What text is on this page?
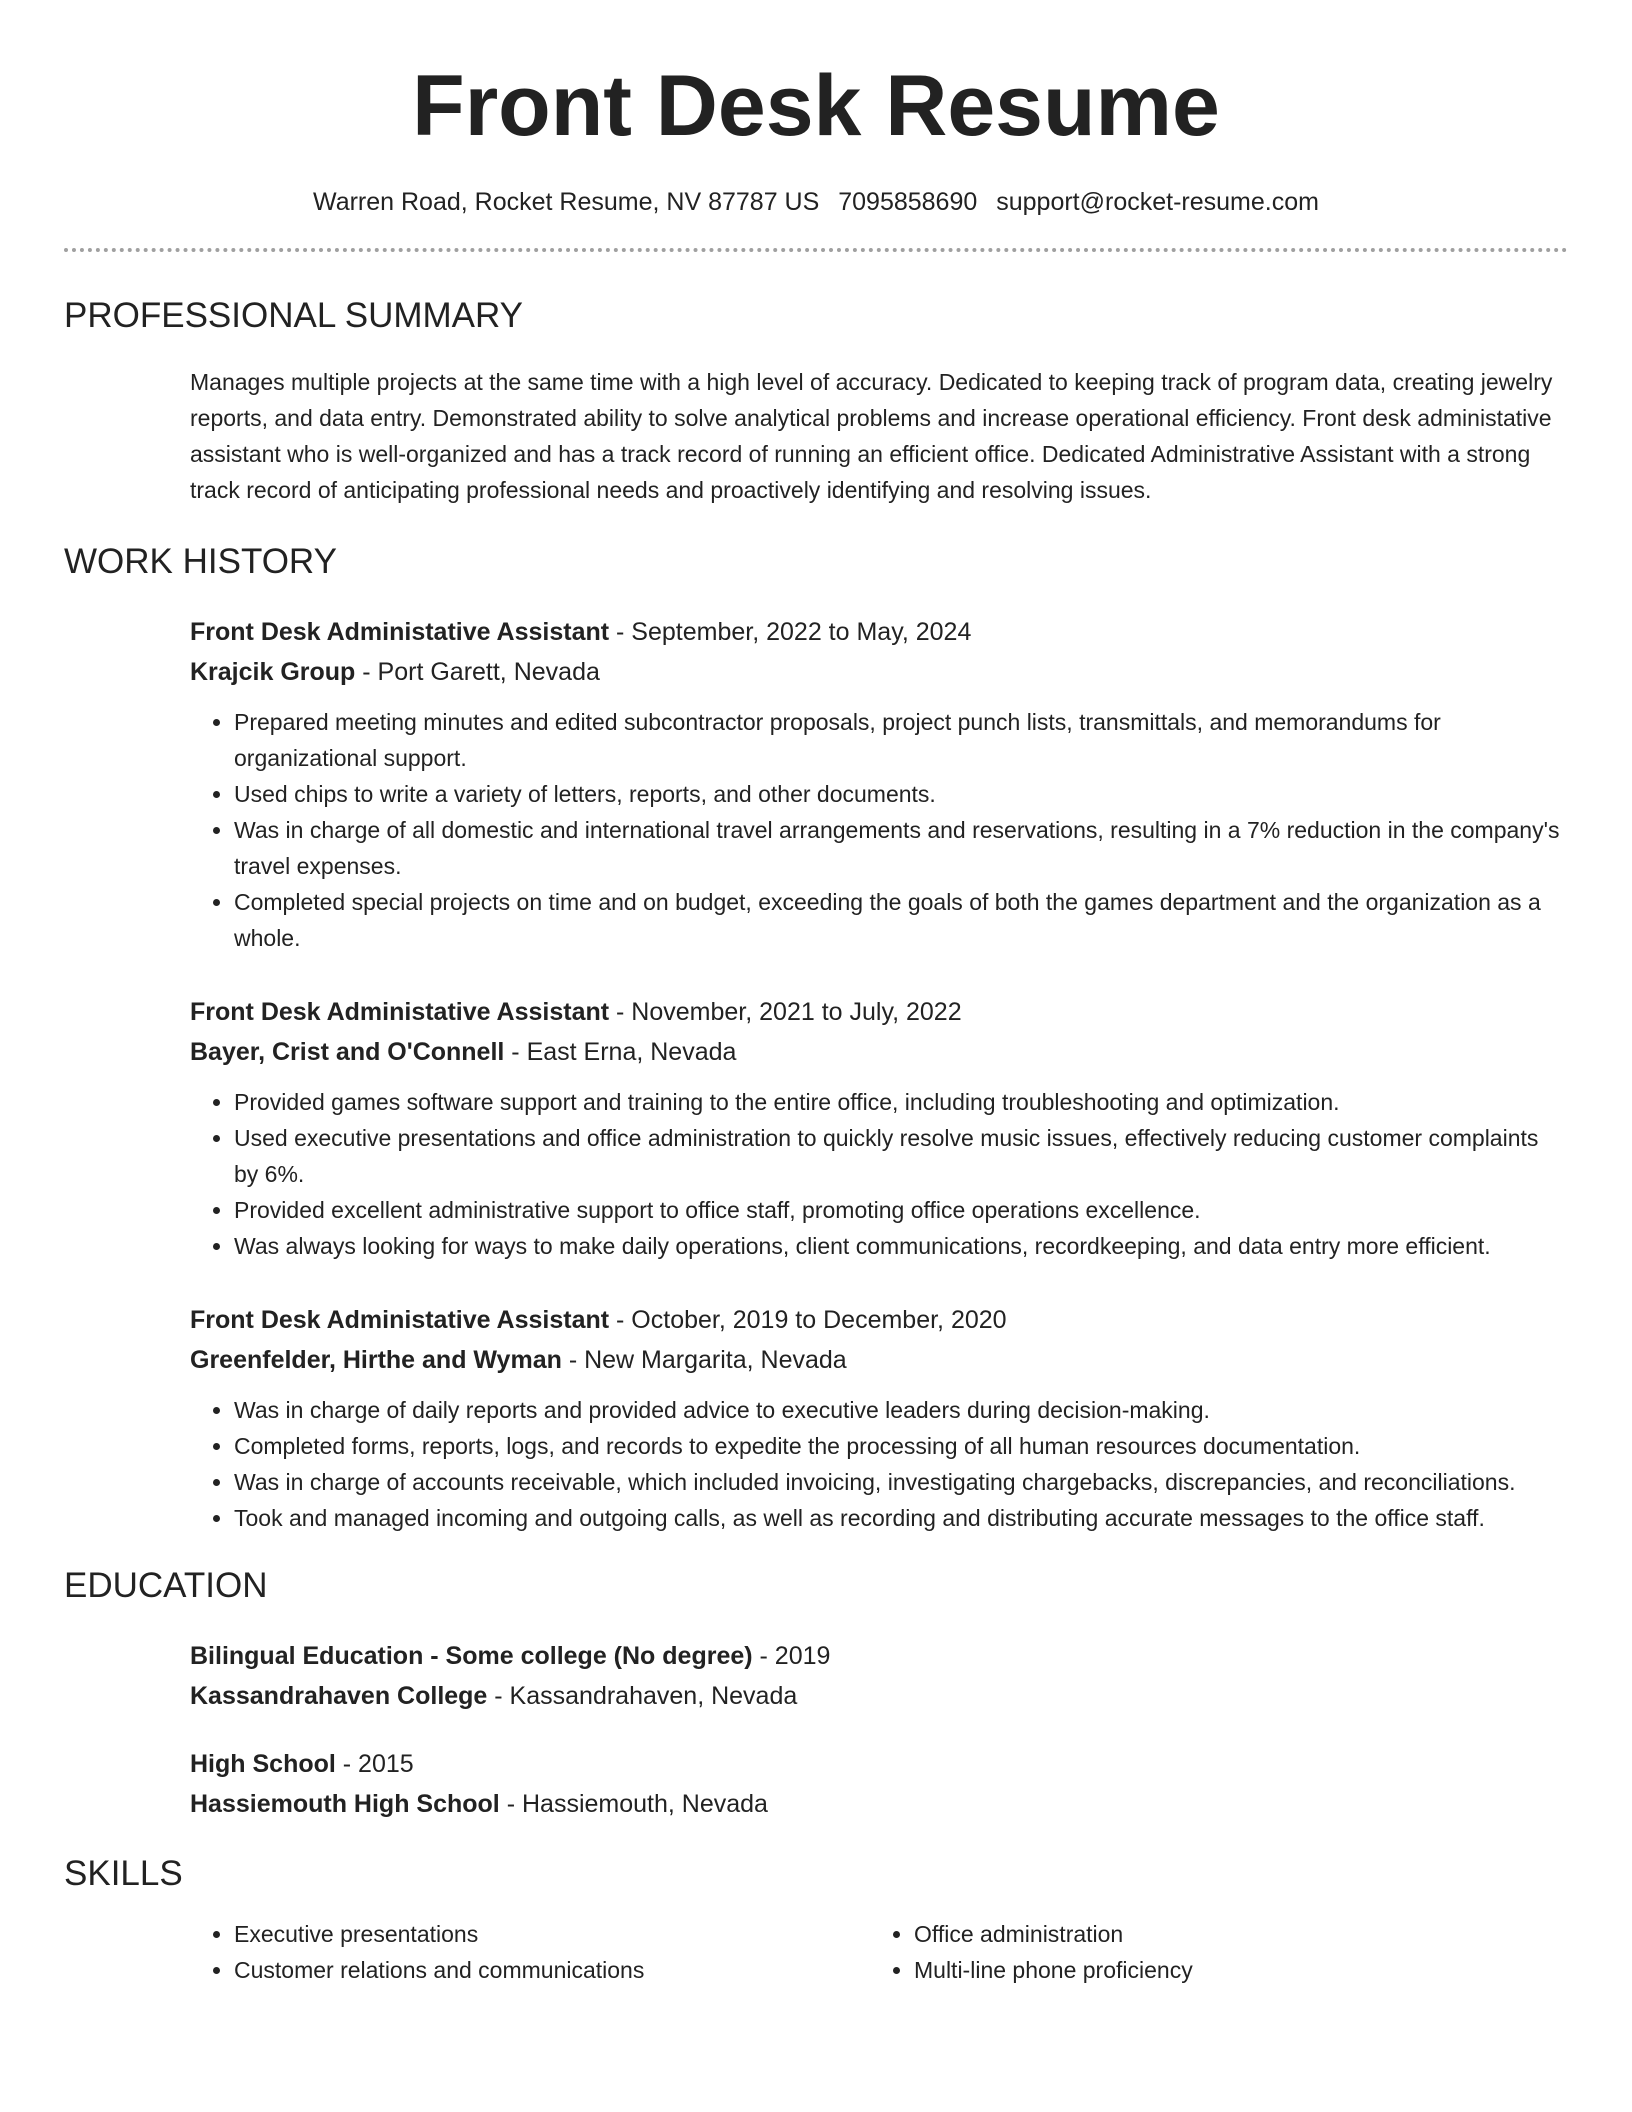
Front Desk Resume
Warren Road, Rocket Resume, NV 87787 US 7095858690 support@rocket-resume.com
PROFESSIONAL SUMMARY

Manages multiple projects at the same time with a high level of accuracy. Dedicated to keeping track of program data, creating jewelry reports, and data entry. Demonstrated ability to solve analytical problems and increase operational efficiency. Front desk administative assistant who is well-organized and has a track record of running an efficient office. Dedicated Administrative Assistant with a strong track record of anticipating professional needs and proactively identifying and resolving issues.

WORK HISTORY
Front Desk Administative Assistant - September, 2022 to May, 2024
Krajcik Group - Port Garett, Nevada
• Prepared meeting minutes and edited subcontractor proposals, project punch lists, transmittals, and memorandums for organizational support.
• Used chips to write a variety of letters, reports, and other documents.
• Was in charge of all domestic and international travel arrangements and reservations, resulting in a 7% reduction in the company's travel expenses.
• Completed special projects on time and on budget, exceeding the goals of both the games department and the organization as a whole.
Front Desk Administative Assistant - November, 2021 to July, 2022
Bayer, Crist and O'Connell - East Erna, Nevada
• Provided games software support and training to the entire office, including troubleshooting and optimization.
• Used executive presentations and office administration to quickly resolve music issues, effectively reducing customer complaints by 6%.
• Provided excellent administrative support to office staff, promoting office operations excellence.
• Was always looking for ways to make daily operations, client communications, recordkeeping, and data entry more efficient.
Front Desk Administative Assistant - October, 2019 to December, 2020
Greenfelder, Hirthe and Wyman - New Margarita, Nevada
• Was in charge of daily reports and provided advice to executive leaders during decision-making.
• Completed forms, reports, logs, and records to expedite the processing of all human resources documentation.
• Was in charge of accounts receivable, which included invoicing, investigating chargebacks, discrepancies, and reconciliations.
• Took and managed incoming and outgoing calls, as well as recording and distributing accurate messages to the office staff.
EDUCATION
Bilingual Education - Some college (No degree) - 2019
Kassandrahaven College - Kassandrahaven, Nevada
High School - 2015
Hassiemouth High School - Hassiemouth, Nevada
SKILLS
• Executive presentations
• Customer relations and communications
• Office administration
• Multi-line phone proficiency
